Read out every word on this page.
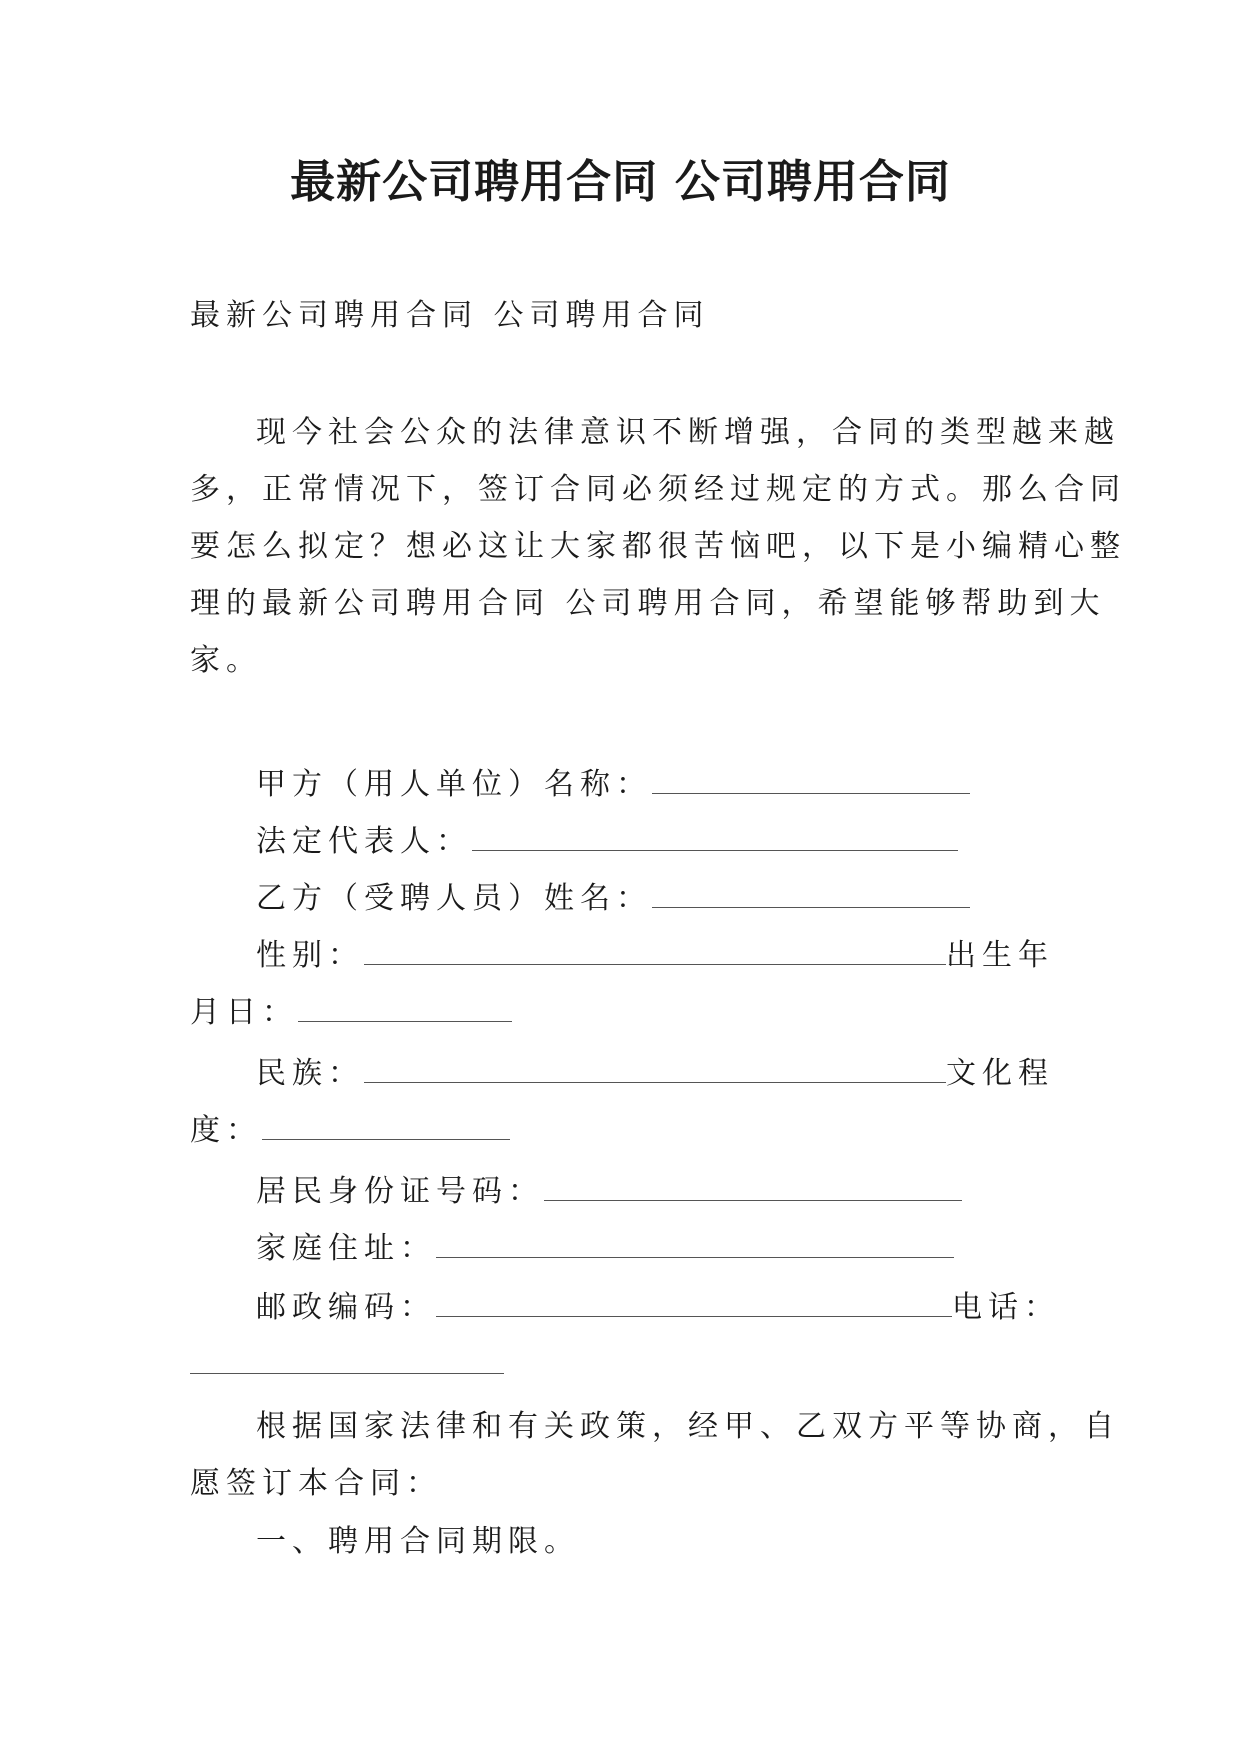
最新公司聘用合同 公司聘用合同

最新公司聘用合同 公司聘用合同

现今社会公众的法律意识不断增强，合同的类型越来越

多，正常情况下，签订合同必须经过规定的方式。那么合同

要怎么拟定？想必这让大家都很苦恼吧，以下是小编精心整

理的最新公司聘用合同 公司聘用合同，希望能够帮助到大

家。

甲方（用人单位）名称：
法定代表人：
乙方（受聘人员）姓名：
性别：	出生年
月日：
民族：	文化程
度：
居民身份证号码：
家庭住址：
邮政编码：	电话：

根据国家法律和有关政策，经甲、乙双方平等协商，自

愿签订本合同：

一、聘用合同期限。
